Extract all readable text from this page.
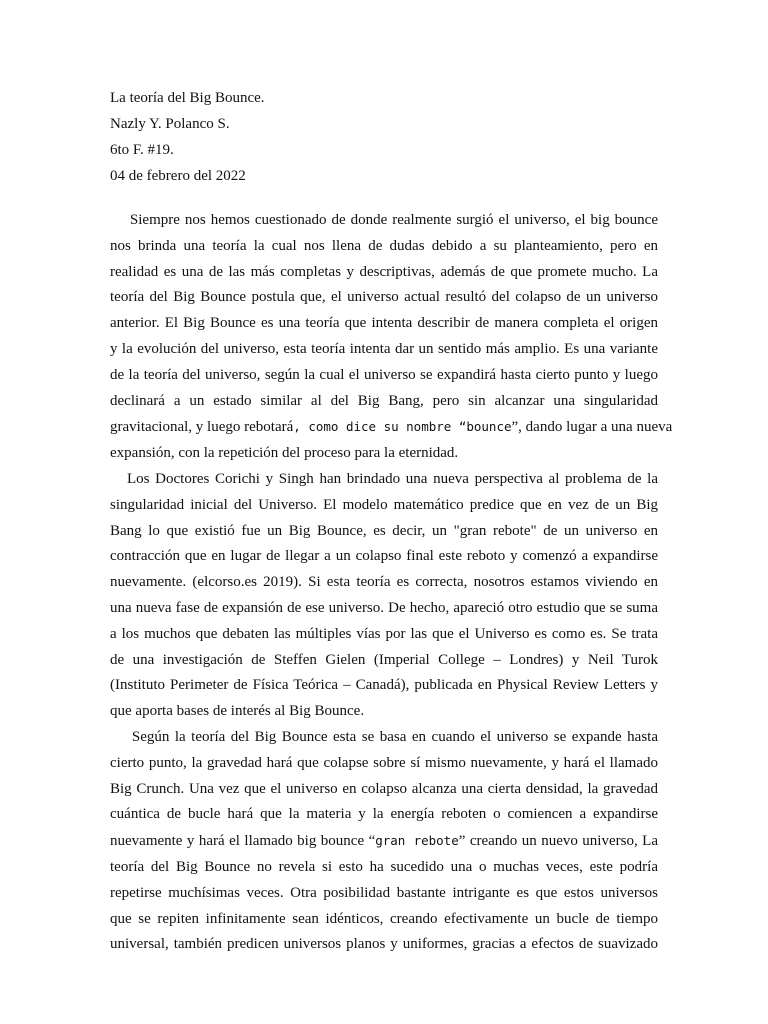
La teoría del Big Bounce.
Nazly Y. Polanco S.
6to F. #19.
04 de febrero del 2022
Siempre nos hemos cuestionado de donde realmente surgió el universo, el big bounce
nos brinda una teoría la cual nos llena de dudas debido a su planteamiento, pero en
realidad es una de las más completas y descriptivas, además de que promete mucho. La
teoría del Big Bounce postula que, el universo actual resultó del colapso de un universo
anterior. El Big Bounce es una teoría que intenta describir de manera completa el origen
y la evolución del universo, esta teoría intenta dar un sentido más amplio. Es una variante
de la teoría del universo, según la cual el universo se expandirá hasta cierto punto y luego
declinará a un estado similar al del Big Bang, pero sin alcanzar una singularidad
gravitacional, y luego rebotará, como dice su nombre “bounce”, dando lugar a una nueva
expansión, con la repetición del proceso para la eternidad.
Los Doctores Corichi y Singh han brindado una nueva perspectiva al problema de la
singularidad inicial del Universo. El modelo matemático predice que en vez de un Big
Bang lo que existió fue un Big Bounce, es decir, un "gran rebote" de un universo en
contracción que en lugar de llegar a un colapso final este reboto y comenzó a expandirse
nuevamente. (elcorso.es 2019). Si esta teoría es correcta, nosotros estamos viviendo en
una nueva fase de expansión de ese universo. De hecho, apareció otro estudio que se suma
a los muchos que debaten las múltiples vías por las que el Universo es como es. Se trata
de una investigación de Steffen Gielen (Imperial College – Londres) y Neil Turok
(Instituto Perimeter de Física Teórica – Canadá), publicada en Physical Review Letters y
que aporta bases de interés al Big Bounce.
Según la teoría del Big Bounce esta se basa en cuando el universo se expande hasta
cierto punto, la gravedad hará que colapse sobre sí mismo nuevamente, y hará el llamado
Big Crunch. Una vez que el universo en colapso alcanza una cierta densidad, la gravedad
cuántica de bucle hará que la materia y la energía reboten o comiencen a expandirse
nuevamente y hará el llamado big bounce “gran rebote” creando un nuevo universo, La
teoría del Big Bounce no revela si esto ha sucedido una o muchas veces, este podría
repetirse muchísimas veces. Otra posibilidad bastante intrigante es que estos universos
que se repiten infinitamente sean idénticos, creando efectivamente un bucle de tiempo
universal, también predicen universos planos y uniformes, gracias a efectos de suavizado
